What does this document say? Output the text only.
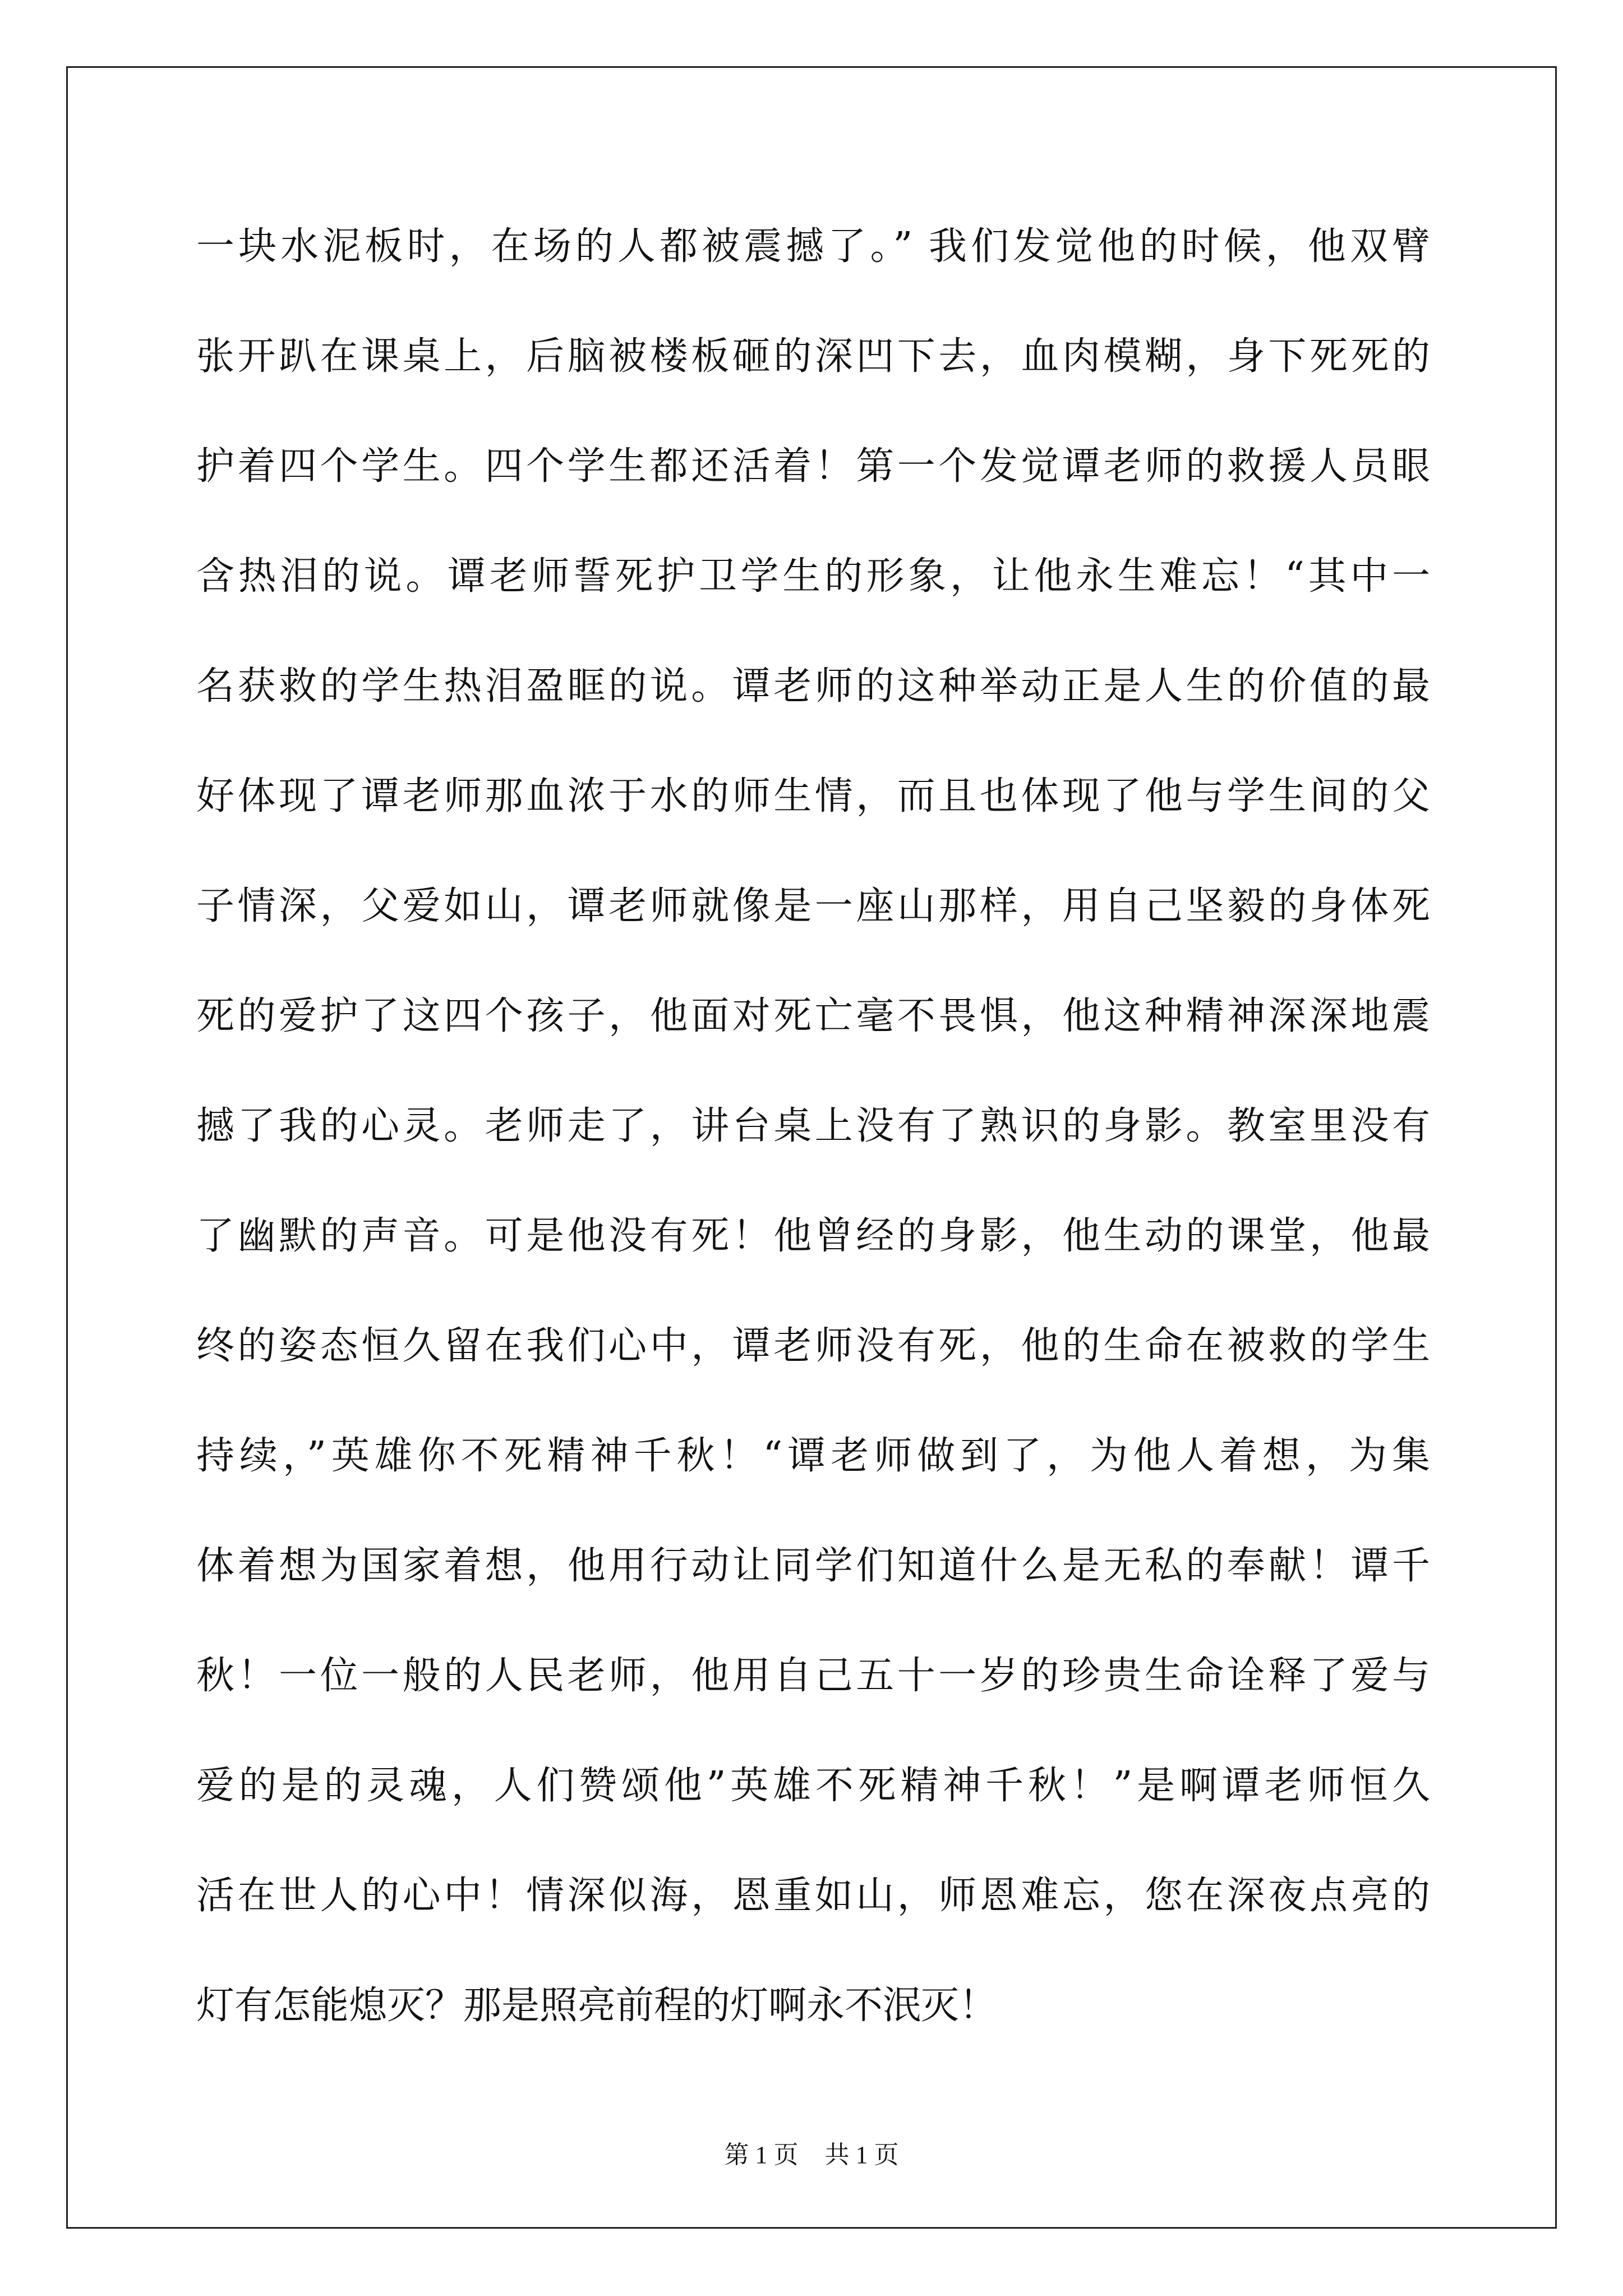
一块水泥板时，在场的人都被震撼了。” 我们发觉他的时候，他双臂
张开趴在课桌上，后脑被楼板砸的深凹下去，血肉模糊，身下死死的
护着四个学生。四个学生都还活着！第一个发觉谭老师的救援人员眼
含热泪的说。谭老师誓死护卫学生的形象，让他永生难忘！“其中一
名获救的学生热泪盈眶的说。谭老师的这种举动正是人生的价值的最
好体现了谭老师那血浓于水的师生情，而且也体现了他与学生间的父
子情深，父爱如山，谭老师就像是一座山那样，用自己坚毅的身体死
死的爱护了这四个孩子，他面对死亡毫不畏惧，他这种精神深深地震
撼了我的心灵。老师走了，讲台桌上没有了熟识的身影。教室里没有
了幽默的声音。可是他没有死！他曾经的身影，他生动的课堂，他最
终的姿态恒久留在我们心中，谭老师没有死，他的生命在被救的学生
持续，”英雄你不死精神千秋！“谭老师做到了，为他人着想，为集
体着想为国家着想，他用行动让同学们知道什么是无私的奉献！谭千
秋！一位一般的人民老师，他用自己五十一岁的珍贵生命诠释了爱与
爱的是的灵魂，人们赞颂他”英雄不死精神千秋！”是啊谭老师恒久
活在世人的心中！情深似海，恩重如山，师恩难忘，您在深夜点亮的
灯有怎能熄灭？那是照亮前程的灯啊永不泯灭！
第 1 页 共 1 页
